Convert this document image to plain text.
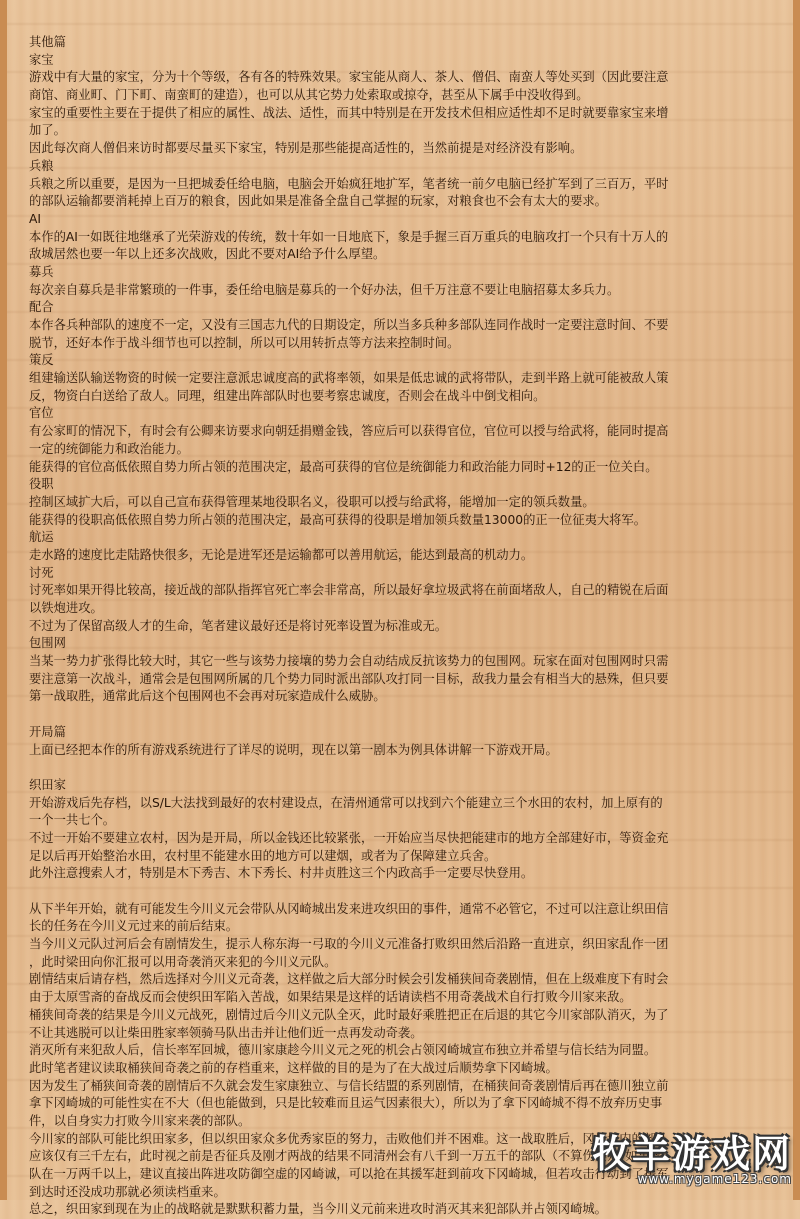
其他篇
家宝
游戏中有大量的家宝，分为十个等级，各有各的特殊效果。家宝能从商人、茶人、僧侣、南蛮人等处买到（因此要注意
商馆、商业町、门下町、南蛮町的建造），也可以从其它势力处索取或掠夺，甚至从下属手中没收得到。
家宝的重要性主要在于提供了相应的属性、战法、适性，而其中特别是在开发技术但相应适性却不足时就要靠家宝来增
加了。
因此每次商人僧侣来访时都要尽量买下家宝，特别是那些能提高适性的，当然前提是对经济没有影响。
兵粮
兵粮之所以重要，是因为一旦把城委任给电脑，电脑会开始疯狂地扩军，笔者统一前夕电脑已经扩军到了三百万，平时
的部队运输都要消耗掉上百万的粮食，因此如果是准备全盘自己掌握的玩家，对粮食也不会有太大的要求。
AI
本作的AI一如既往地继承了光荣游戏的传统，数十年如一日地底下，象是手握三百万重兵的电脑攻打一个只有十万人的
敌城居然也要一年以上还多次战败，因此不要对AI给予什么厚望。
募兵
每次亲自募兵是非常繁琐的一件事，委任给电脑是募兵的一个好办法，但千万注意不要让电脑招募太多兵力。
配合
本作各兵种部队的速度不一定，又没有三国志九代的日期设定，所以当多兵种多部队连同作战时一定要注意时间、不要
脱节，还好本作于战斗细节也可以控制，所以可以用转折点等方法来控制时间。
策反
组建输送队输送物资的时候一定要注意派忠诚度高的武将率领，如果是低忠诚的武将带队，走到半路上就可能被敌人策
反，物资白白送给了敌人。同理，组建出阵部队时也要考察忠诚度，否则会在战斗中倒戈相向。
官位
有公家町的情况下，有时会有公卿来访要求向朝廷捐赠金钱，答应后可以获得官位，官位可以授与给武将，能同时提高
一定的统御能力和政治能力。
能获得的官位高低依照自势力所占领的范围决定，最高可获得的官位是统御能力和政治能力同时+12的正一位关白。
役职
控制区域扩大后，可以自己宣布获得管理某地役职名义，役职可以授与给武将，能增加一定的领兵数量。
能获得的役职高低依照自势力所占领的范围决定，最高可获得的役职是增加领兵数量13000的正一位征夷大将军。
航运
走水路的速度比走陆路快很多，无论是进军还是运输都可以善用航运，能达到最高的机动力。
讨死
讨死率如果开得比较高，接近战的部队指挥官死亡率会非常高，所以最好拿垃圾武将在前面堵敌人，自己的精锐在后面
以铁炮进攻。
不过为了保留高级人才的生命，笔者建议最好还是将讨死率设置为标准或无。
包围网
当某一势力扩张得比较大时，其它一些与该势力接壤的势力会自动结成反抗该势力的包围网。玩家在面对包围网时只需
要注意第一次战斗，通常会是包围网所属的几个势力同时派出部队攻打同一目标，敌我力量会有相当大的悬殊，但只要
第一战取胜，通常此后这个包围网也不会再对玩家造成什么威胁。
开局篇
上面已经把本作的所有游戏系统进行了详尽的说明，现在以第一剧本为例具体讲解一下游戏开局。
织田家
开始游戏后先存档，以S/L大法找到最好的农村建设点，在清州通常可以找到六个能建立三个水田的农村，加上原有的
一个一共七个。
不过一开始不要建立农村，因为是开局，所以金钱还比较紧张，一开始应当尽快把能建市的地方全部建好市，等资金充
足以后再开始整治水田，农村里不能建水田的地方可以建烟，或者为了保障建立兵舍。
此外注意搜索人才，特别是木下秀吉、木下秀长、村井贞胜这三个内政高手一定要尽快登用。
从下半年开始，就有可能发生今川义元会带队从冈崎城出发来进攻织田的事件，通常不必管它，不过可以注意让织田信
长的任务在今川义元过来的前后结束。
当今川义元队过河后会有剧情发生，提示人称东海一弓取的今川义元准备打败织田然后沿路一直进京，织田家乱作一团
，此时梁田向你汇报可以用奇袭消灭来犯的今川义元队。
剧情结束后请存档，然后选择对今川义元奇袭，这样做之后大部分时候会引发桶狭间奇袭剧情，但在上级难度下有时会
由于太原雪斋的奋战反而会使织田军陷入苦战，如果结果是这样的话请读档不用奇袭战术自行打败今川家来敌。
桶狭间奇袭的结果是今川义元战死，剧情过后今川义元队全灭，此时最好乘胜把正在后退的其它今川家部队消灭，为了
不让其逃脱可以让柴田胜家率领骑马队出击并让他们近一点再发动奇袭。
消灭所有来犯敌人后，信长率军回城，德川家康趁今川义元之死的机会占领冈崎城宣布独立并希望与信长结为同盟。
此时笔者建议读取桶狭间奇袭之前的存档重来，这样做的目的是为了在大战过后顺势拿下冈崎城。
因为发生了桶狭间奇袭的剧情后不久就会发生家康独立、与信长结盟的系列剧情，在桶狭间奇袭剧情后再在德川独立前
拿下冈崎城的可能性实在不大（但也能做到，只是比较难而且运气因素很大），所以为了拿下冈崎城不得不放弃历史事
件，以自身实力打败今川家来袭的部队。
今川家的部队可能比织田家多，但以织田家众多优秀家臣的努力，击败他们并不困难。这一战取胜后，冈崎城内的部队
应该仅有三千左右，此时视之前是否征兵及刚才两战的结果不同清州会有八千到一万五千的部队（不算伤兵），如果部
队在一万两千以上，建议直接出阵进攻防御空虚的冈崎诚，可以抢在其援军赶到前攻下冈崎城，但若攻击行动到了援军
到达时还没成功那就必须读档重来。
总之，织田家到现在为止的战略就是默默积蓄力量，当今川义元前来进攻时消灭其来犯部队并占领冈崎城。
牧羊游戏网
www.mygame123.com
